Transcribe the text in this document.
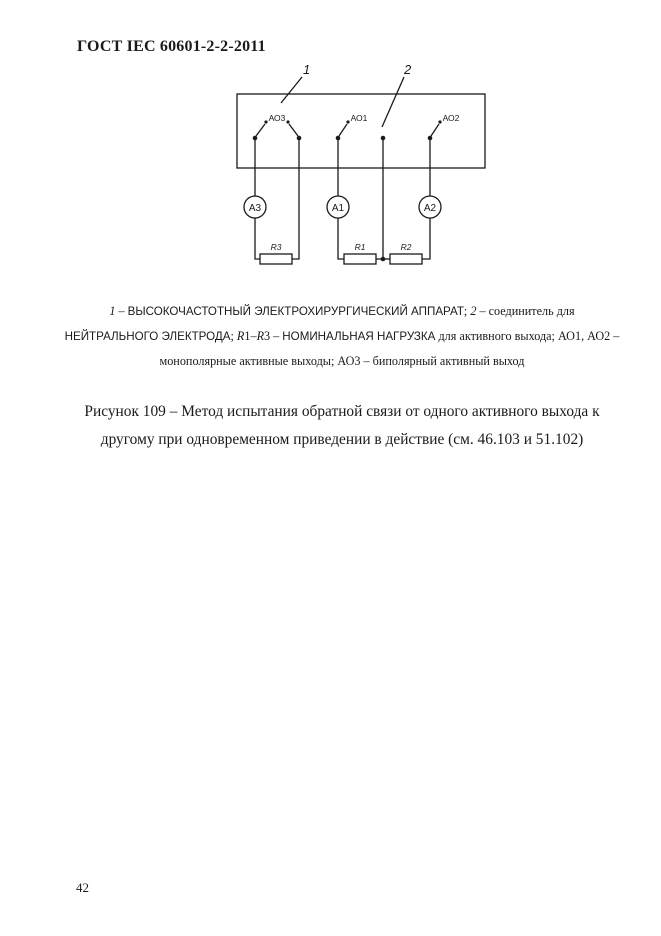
ГОСТ IEC 60601-2-2-2011
1	2
АО3	АО1	АО2
A3	A1	A2
R3	R1	R2
1 – ВЫСОКОЧАСТОТНЫЙ ЭЛЕКТРОХИРУРГИЧЕСКИЙ АППАРАТ; 2 – соединитель для НЕЙТРАЛЬНОГО ЭЛЕКТРОДА; R1–R3 – НОМИНАЛЬНАЯ НАГРУЗКА для активного выхода; АО1, АО2 – монополярные активные выходы; АО3 – биполярный активный выход
Рисунок 109 – Метод испытания обратной связи от одного активного выхода к другому при одновременном приведении в действие (см. 46.103 и 51.102)
42
